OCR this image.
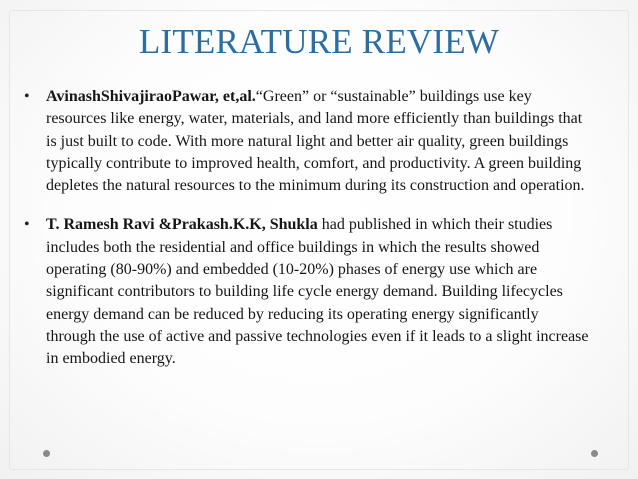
LITERATURE REVIEW
• AvinashShivajiraoPawar, et,al.“Green” or “sustainable” buildings use key resources like energy, water, materials, and land more efficiently than buildings that is just built to code. With more natural light and better air quality, green buildings typically contribute to improved health, comfort, and productivity. A green building depletes the natural resources to the minimum during its construction and operation.
• T. Ramesh Ravi &Prakash.K.K, Shukla had published in which their studies includes both the residential and office buildings in which the results showed operating (80-90%) and embedded (10-20%) phases of energy use which are significant contributors to building life cycle energy demand. Building lifecycles energy demand can be reduced by reducing its operating energy significantly through the use of active and passive technologies even if it leads to a slight increase in embodied energy.
